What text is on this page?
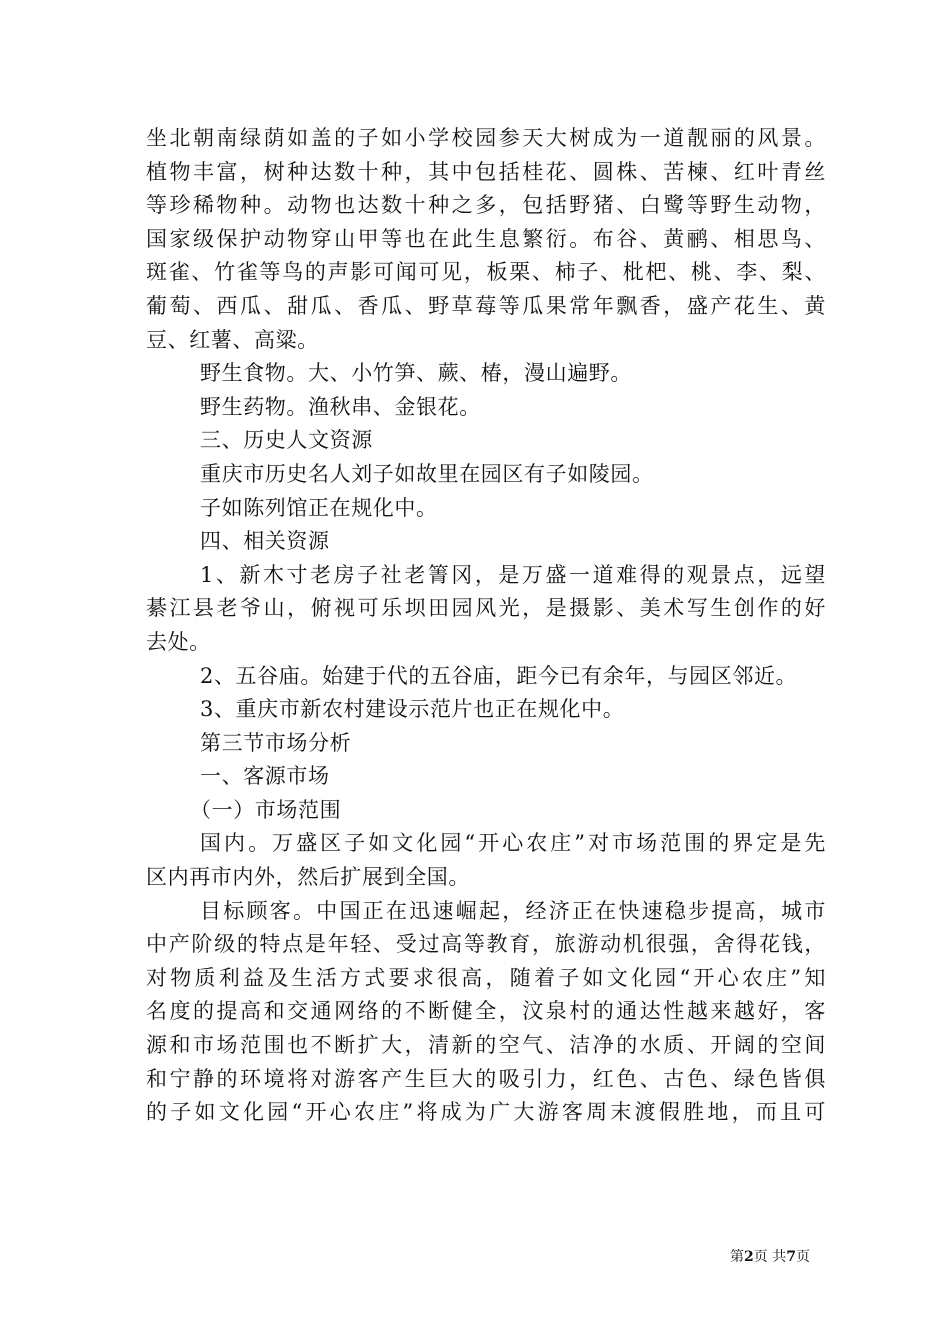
坐北朝南绿荫如盖的子如小学校园参天大树成为一道靓丽的风景。
植物丰富，树种达数十种，其中包括桂花、圆株、苦楝、红叶青丝
等珍稀物种。动物也达数十种之多，包括野猪、白鹭等野生动物，
国家级保护动物穿山甲等也在此生息繁衍。布谷、黄鹂、相思鸟、
斑雀、竹雀等鸟的声影可闻可见，板栗、柿子、枇杷、桃、李、梨、
葡萄、西瓜、甜瓜、香瓜、野草莓等瓜果常年飘香，盛产花生、黄
豆、红薯、高粱。
野生食物。大、小竹笋、蕨、椿，漫山遍野。
野生药物。渔秋串、金银花。
三、历史人文资源
重庆市历史名人刘子如故里在园区有子如陵园。
子如陈列馆正在规化中。
四、相关资源
1、新木寸老房子社老箐冈，是万盛一道难得的观景点，远望
綦江县老爷山，俯视可乐坝田园风光，是摄影、美术写生创作的好
去处。
2、五谷庙。始建于代的五谷庙，距今已有余年，与园区邻近。
3、重庆市新农村建设示范片也正在规化中。
第三节市场分析
一、客源市场
（一）市场范围
国内。万盛区子如文化园“开心农庄”对市场范围的界定是先
区内再市内外，然后扩展到全国。
目标顾客。中国正在迅速崛起，经济正在快速稳步提高，城市
中产阶级的特点是年轻、受过高等教育，旅游动机很强，舍得花钱，
对物质利益及生活方式要求很高，随着子如文化园“开心农庄”知
名度的提高和交通网络的不断健全，汶泉村的通达性越来越好，客
源和市场范围也不断扩大，清新的空气、洁净的水质、开阔的空间
和宁静的环境将对游客产生巨大的吸引力，红色、古色、绿色皆俱
的子如文化园“开心农庄”将成为广大游客周末渡假胜地，而且可
第2页 共7页
